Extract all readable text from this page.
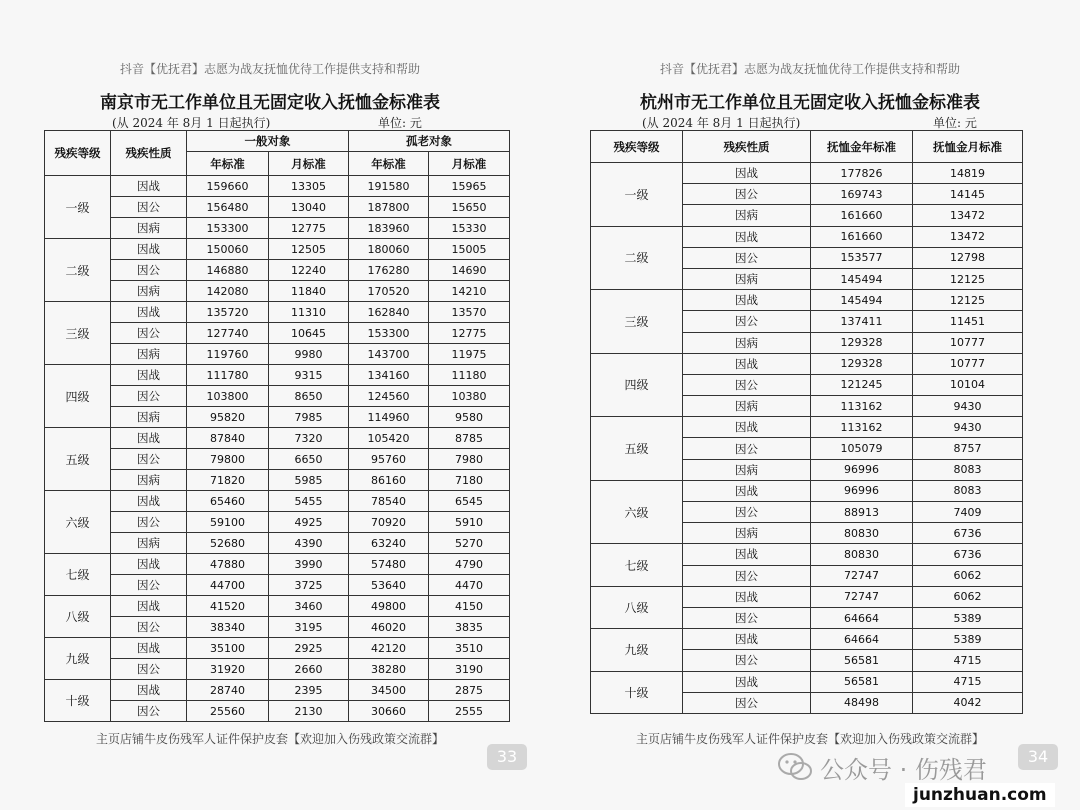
抖音【优抚君】志愿为战友抚恤优待工作提供支持和帮助
南京市无工作单位且无固定收入抚恤金标准表
(从 2024 年 8月 1 日起执行)	单位: 元
残疾等级	残疾性质	一般对象		孤老对象	
		年标准	月标准	年标准	月标准
一级	因战	159660	13305	191580	15965
	因公	156480	13040	187800	15650
	因病	153300	12775	183960	15330
二级	因战	150060	12505	180060	15005
	因公	146880	12240	176280	14690
	因病	142080	11840	170520	14210
三级	因战	135720	11310	162840	13570
	因公	127740	10645	153300	12775
	因病	119760	9980	143700	11975
四级	因战	111780	9315	134160	11180
	因公	103800	8650	124560	10380
	因病	95820	7985	114960	9580
五级	因战	87840	7320	105420	8785
	因公	79800	6650	95760	7980
	因病	71820	5985	86160	7180
六级	因战	65460	5455	78540	6545
	因公	59100	4925	70920	5910
	因病	52680	4390	63240	5270
七级	因战	47880	3990	57480	4790
	因公	44700	3725	53640	4470
八级	因战	41520	3460	49800	4150
	因公	38340	3195	46020	3835
九级	因战	35100	2925	42120	3510
	因公	31920	2660	38280	3190
十级	因战	28740	2395	34500	2875
	因公	25560	2130	30660	2555
主页店铺牛皮伤残军人证件保护皮套【欢迎加入伤残政策交流群】
33
抖音【优抚君】志愿为战友抚恤优待工作提供支持和帮助
杭州市无工作单位且无固定收入抚恤金标准表
(从 2024 年 8月 1 日起执行)	单位: 元
残疾等级	残疾性质	抚恤金年标准	抚恤金月标准
一级	因战	177826	14819
	因公	169743	14145
	因病	161660	13472
二级	因战	161660	13472
	因公	153577	12798
	因病	145494	12125
三级	因战	145494	12125
	因公	137411	11451
	因病	129328	10777
四级	因战	129328	10777
	因公	121245	10104
	因病	113162	9430
五级	因战	113162	9430
	因公	105079	8757
	因病	96996	8083
六级	因战	96996	8083
	因公	88913	7409
	因病	80830	6736
七级	因战	80830	6736
	因公	72747	6062
八级	因战	72747	6062
	因公	64664	5389
九级	因战	64664	5389
	因公	56581	4715
十级	因战	56581	4715
	因公	48498	4042
主页店铺牛皮伤残军人证件保护皮套【欢迎加入伤残政策交流群】
34
公众号 · 伤残君
junzhuan.com
